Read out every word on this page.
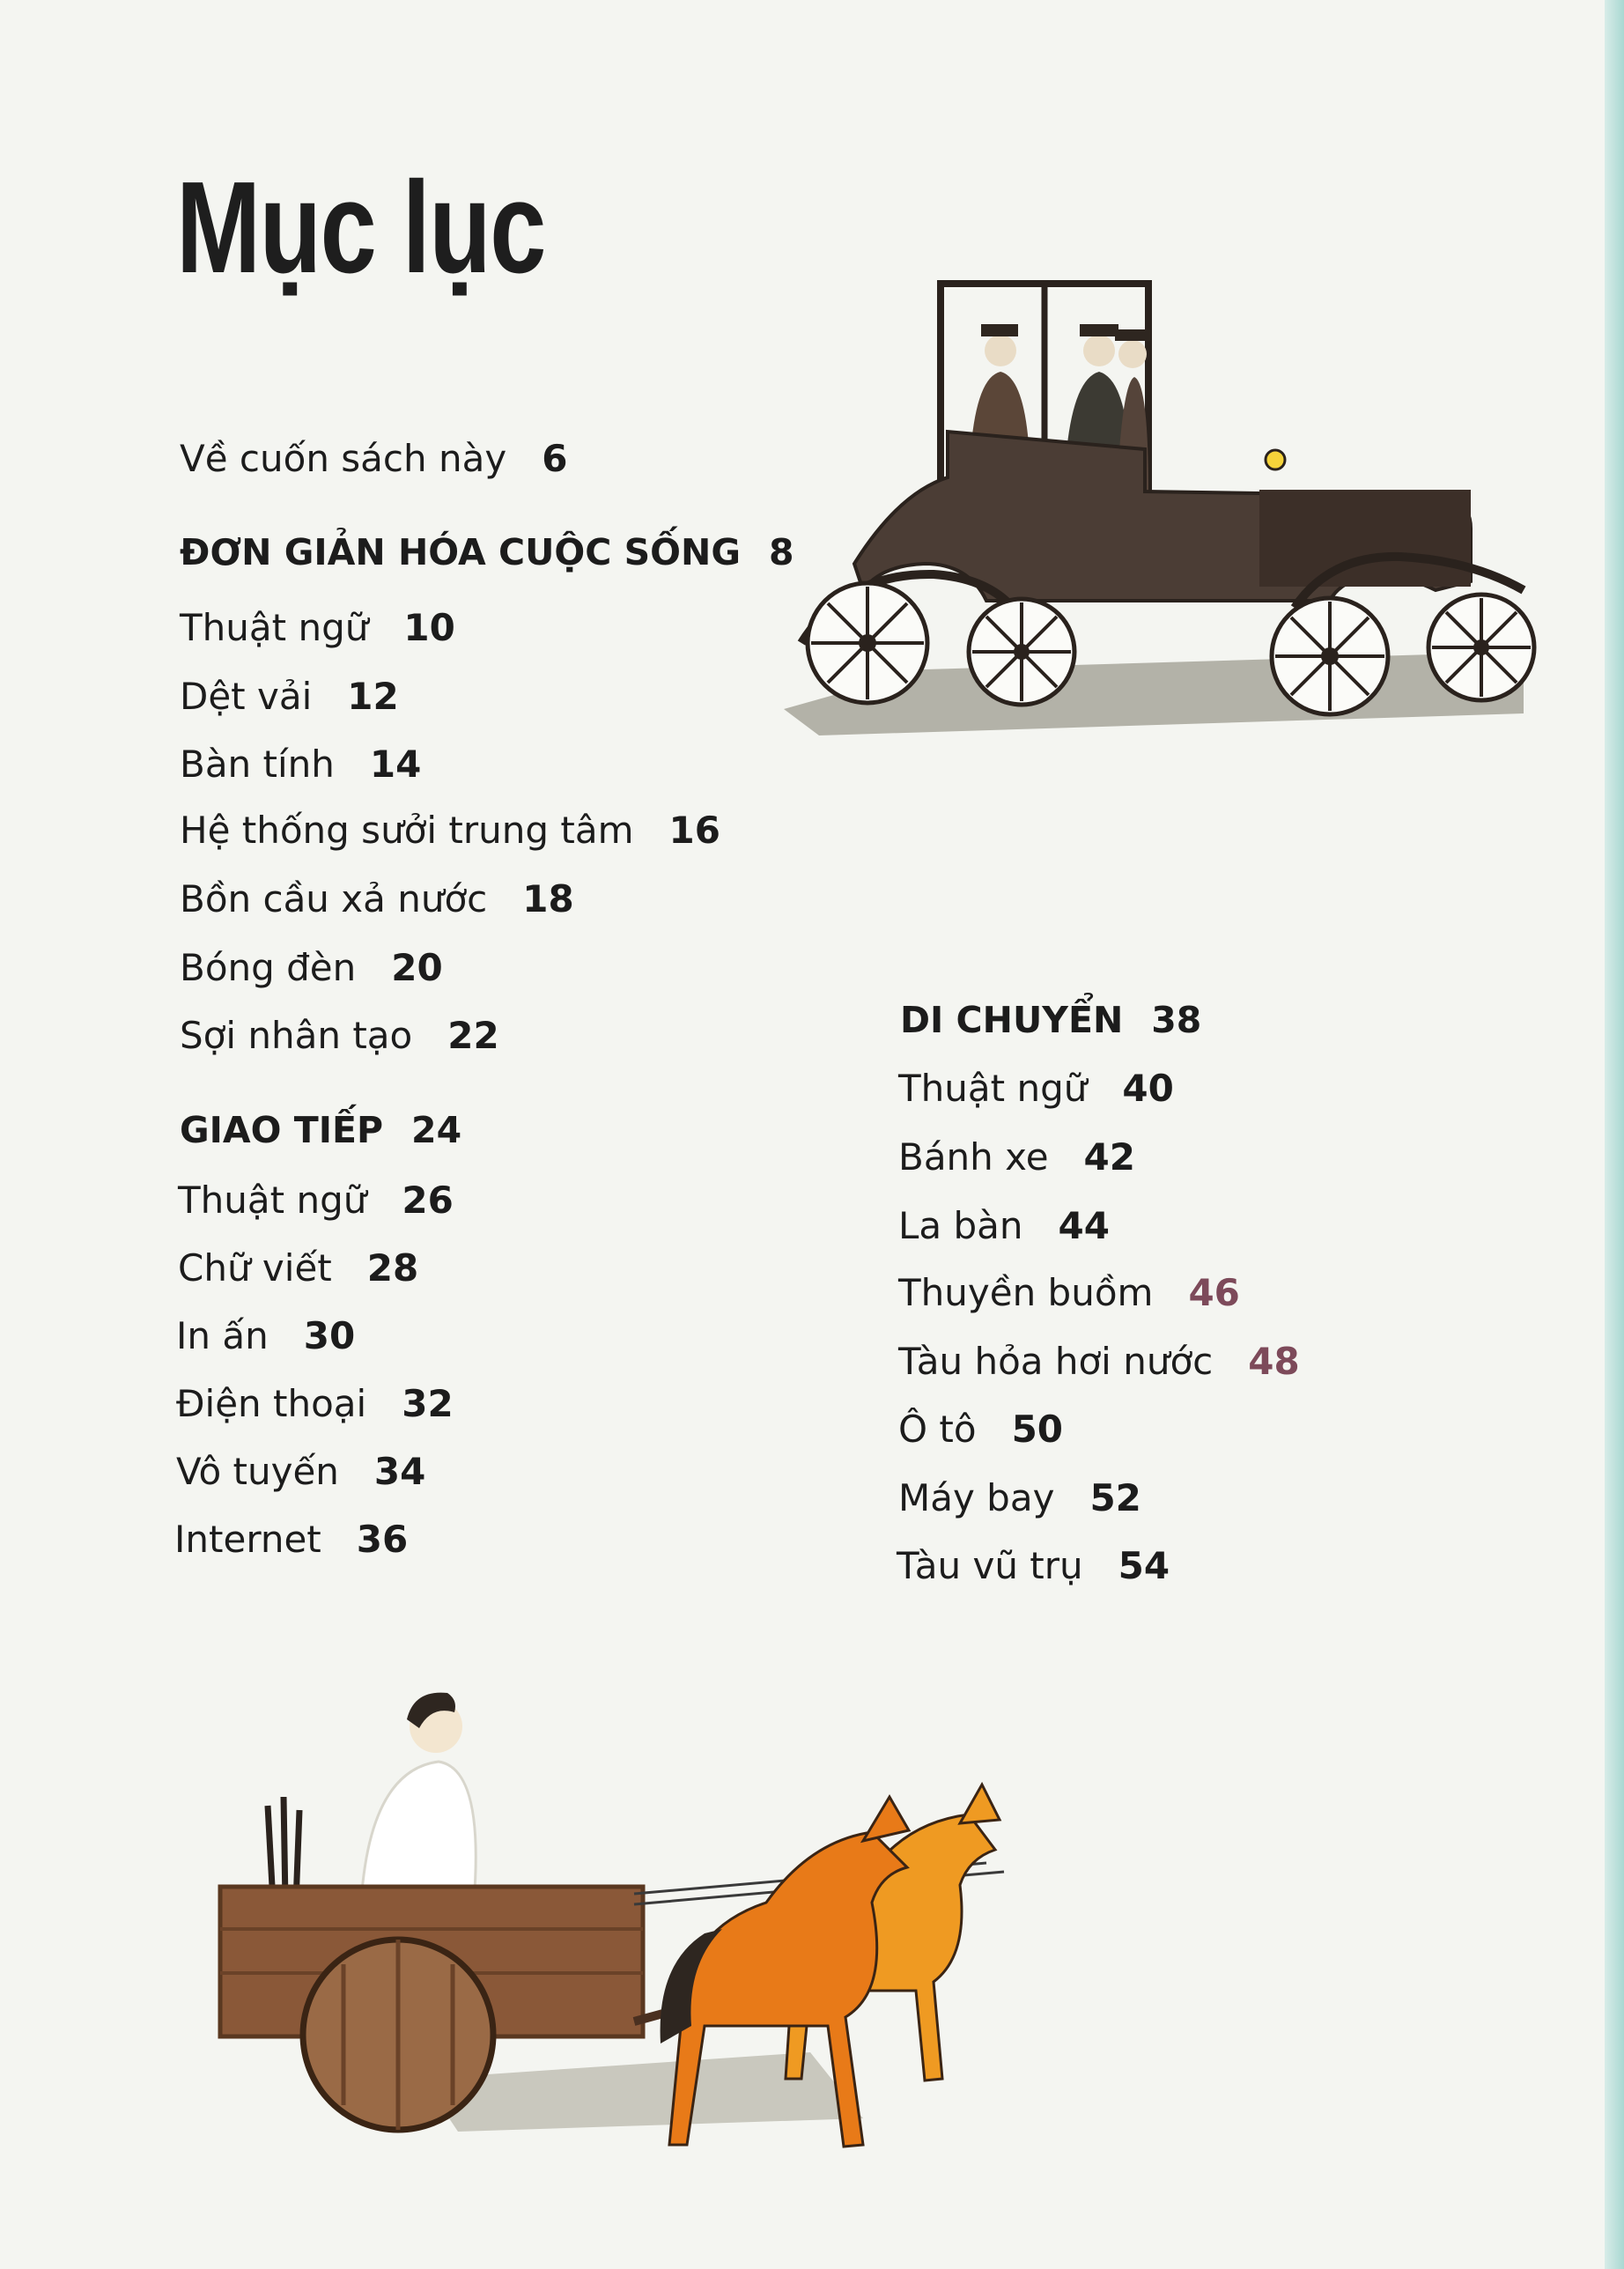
Mục lục
Về cuốn sách này 6
ĐƠN GIẢN HÓA CUỘC SỐNG 8
Thuật ngữ 10
Dệt vải 12
Bàn tính 14
Hệ thống sưởi trung tâm 16
Bồn cầu xả nước 18
Bóng đèn 20
Sợi nhân tạo 22
GIAO TIẾP 24
Thuật ngữ 26
Chữ viết 28
In ấn 30
Điện thoại 32
Vô tuyến 34
Internet 36
DI CHUYỂN 38
Thuật ngữ 40
Bánh xe 42
La bàn 44
Thuyền buồm 46
Tàu hỏa hơi nước 48
Ô tô 50
Máy bay 52
Tàu vũ trụ 54
